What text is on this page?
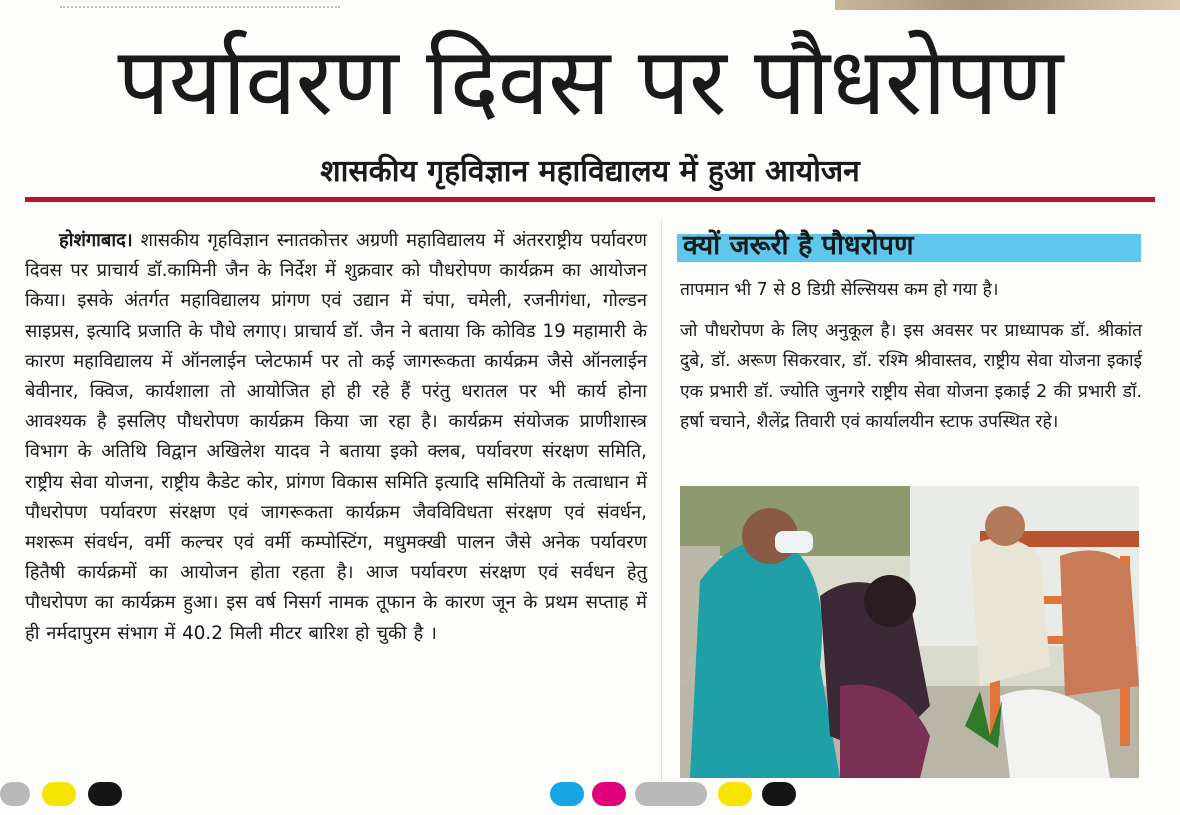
पर्यावरण दिवस पर पौधरोपण
शासकीय गृहविज्ञान महाविद्यालय में हुआ आयोजन
होशंगाबाद। शासकीय गृहविज्ञान स्नातकोत्तर अग्रणी महाविद्यालय में अंतरराष्ट्रीय पर्यावरण दिवस पर प्राचार्य डॉ.कामिनी जैन के निर्देश में शुक्रवार को पौधरोपण कार्यक्रम का आयोजन किया। इसके अंतर्गत महाविद्यालय प्रांगण एवं उद्यान में चंपा, चमेली, रजनीगंधा, गोल्डन साइप्रस, इत्यादि प्रजाति के पौधे लगाए। प्राचार्य डॉ. जैन ने बताया कि कोविड 19 महामारी के कारण महाविद्यालय में ऑनलाईन प्लेटफार्म पर तो कई जागरूकता कार्यक्रम जैसे ऑनलाईन बेवीनार, क्विज, कार्यशाला तो आयोजित हो ही रहे हैं परंतु धरातल पर भी कार्य होना आवश्यक है इसलिए पौधरोपण कार्यक्रम किया जा रहा है। कार्यक्रम संयोजक प्राणीशास्त्र विभाग के अतिथि विद्वान अखिलेश यादव ने बताया इको क्लब, पर्यावरण संरक्षण समिति, राष्ट्रीय सेवा योजना, राष्ट्रीय कैडेट कोर, प्रांगण विकास समिति इत्यादि समितियों के तत्वाधान में पौधरोपण पर्यावरण संरक्षण एवं जागरूकता कार्यक्रम जैवविविधता संरक्षण एवं संवर्धन, मशरूम संवर्धन, वर्मी कल्चर एवं वर्मी कम्पोस्टिंग, मधुमक्खी पालन जैसे अनेक पर्यावरण हितैषी कार्यक्रमों का आयोजन होता रहता है। आज पर्यावरण संरक्षण एवं सर्वधन हेतु पौधरोपण का कार्यक्रम हुआ। इस वर्ष निसर्ग नामक तूफान के कारण जून के प्रथम सप्ताह में ही नर्मदापुरम संभाग में 40.2 मिली मीटर बारिश हो चुकी है ।
क्यों जरूरी है पौधरोपण
तापमान भी 7 से 8 डिग्री सेल्सियस कम हो गया है।
जो पौधरोपण के लिए अनुकूल है। इस अवसर पर प्राध्यापक डॉ. श्रीकांत दुबे, डॉ. अरूण सिकरवार, डॉ. रश्मि श्रीवास्तव, राष्ट्रीय सेवा योजना इकाई एक प्रभारी डॉ. ज्योति जुनगरे राष्ट्रीय सेवा योजना इकाई 2 की प्रभारी डॉ. हर्षा चचाने, शैलेंद्र तिवारी एवं कार्यालयीन स्टाफ उपस्थित रहे।
